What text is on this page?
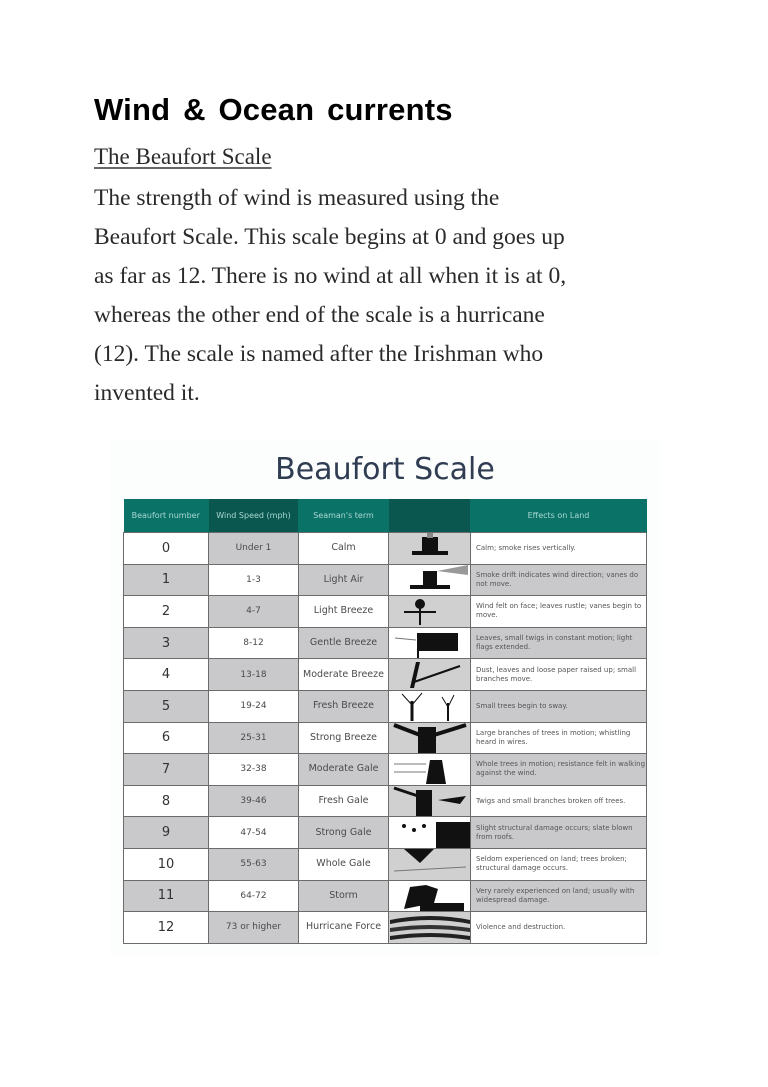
Wind & Ocean currents
The Beaufort Scale
The strength of wind is measured using the
Beaufort Scale. This scale begins at 0 and goes up
as far as 12. There is no wind at all when it is at 0,
whereas the other end of the scale is a hurricane
(12). The scale is named after the Irishman who
invented it.
Beaufort Scale
Beaufort number	Wind Speed (mph)	Seaman's term		Effects on Land
0	Under 1	Calm		Calm; smoke rises vertically.
1	1-3	Light Air		Smoke drift indicates wind direction; vanes do not move.
2	4-7	Light Breeze		Wind felt on face; leaves rustle; vanes begin to move.
3	8-12	Gentle Breeze		Leaves, small twigs in constant motion; light flags extended.
4	13-18	Moderate Breeze		Dust, leaves and loose paper raised up; small branches move.
5	19-24	Fresh Breeze		Small trees begin to sway.
6	25-31	Strong Breeze		Large branches of trees in motion; whistling heard in wires.
7	32-38	Moderate Gale		Whole trees in motion; resistance felt in walking against the wind.
8	39-46	Fresh Gale		Twigs and small branches broken off trees.
9	47-54	Strong Gale		Slight structural damage occurs; slate blown from roofs.
10	55-63	Whole Gale		Seldom experienced on land; trees broken; structural damage occurs.
11	64-72	Storm		Very rarely experienced on land; usually with widespread damage.
12	73 or higher	Hurricane Force		Violence and destruction.
